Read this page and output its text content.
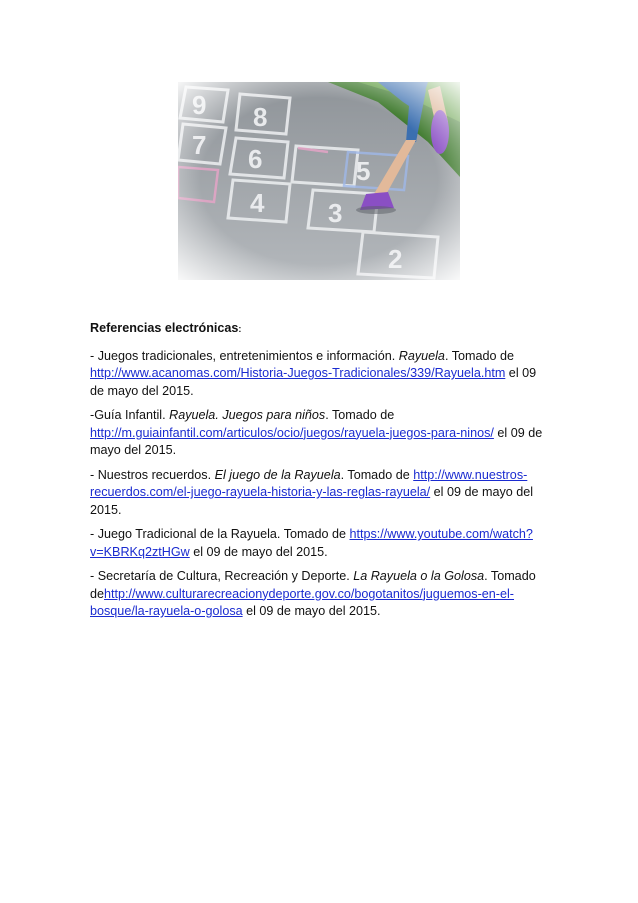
Referencias electrónicas:

- Juegos tradicionales, entretenimientos e información. Rayuela. Tomado de http://www.acanomas.com/Historia-Juegos-Tradicionales/339/Rayuela.htm el 09 de mayo del 2015.

-Guía Infantil. Rayuela. Juegos para niños. Tomado de http://m.guiainfantil.com/articulos/ocio/juegos/rayuela-juegos-para-ninos/ el 09 de mayo del 2015.

- Nuestros recuerdos. El juego de la Rayuela. Tomado de http://www.nuestros-recuerdos.com/el-juego-rayuela-historia-y-las-reglas-rayuela/ el 09 de mayo del 2015.

- Juego Tradicional de la Rayuela. Tomado de https://www.youtube.com/watch?v=KBRKq2ztHGw el 09 de mayo del 2015.

- Secretaría de Cultura, Recreación y Deporte. La Rayuela o la Golosa. Tomado dehttp://www.culturarecreacionydeporte.gov.co/bogotanitos/juguemos-en-el-bosque/la-rayuela-o-golosa el 09 de mayo del 2015.
